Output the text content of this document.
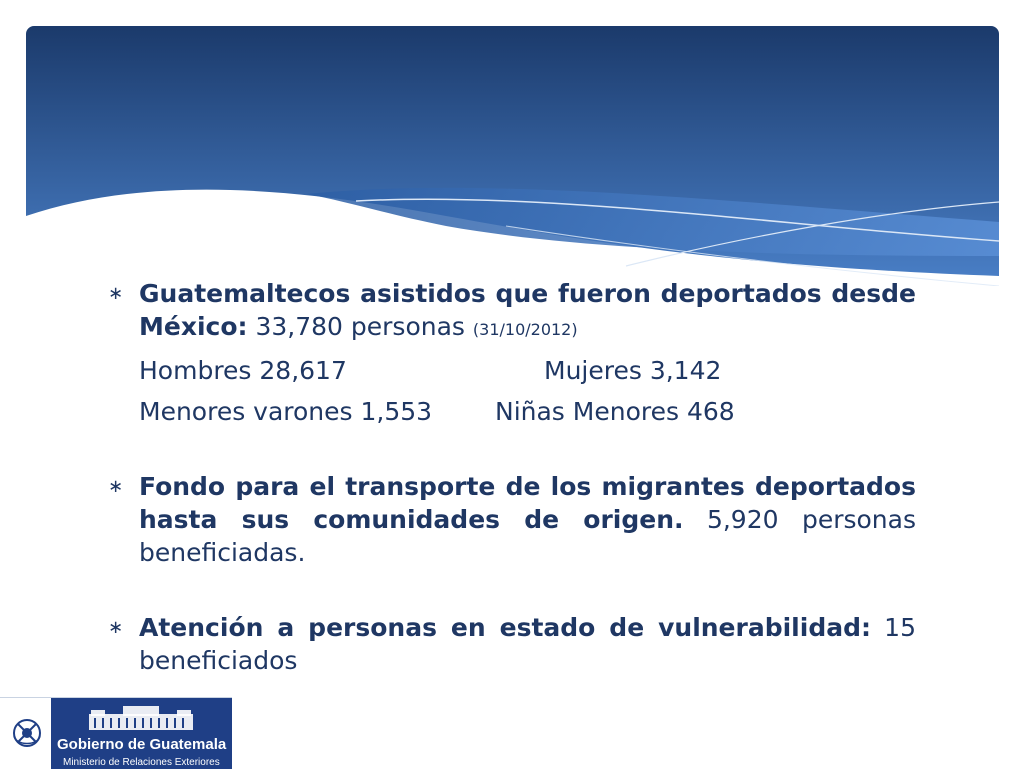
∗ Guatemaltecos asistidos que fueron deportados desde México: 33,780 personas (31/10/2012)
Hombres 28,617	Mujeres 3,142
Menores varones 1,553	Niñas Menores 468
∗ Fondo para el transporte de los migrantes deportados hasta sus comunidades de origen. 5,920 personas beneficiadas.
∗ Atención a personas en estado de vulnerabilidad: 15 beneficiados
Gobierno de Guatemala
Ministerio de Relaciones Exteriores
